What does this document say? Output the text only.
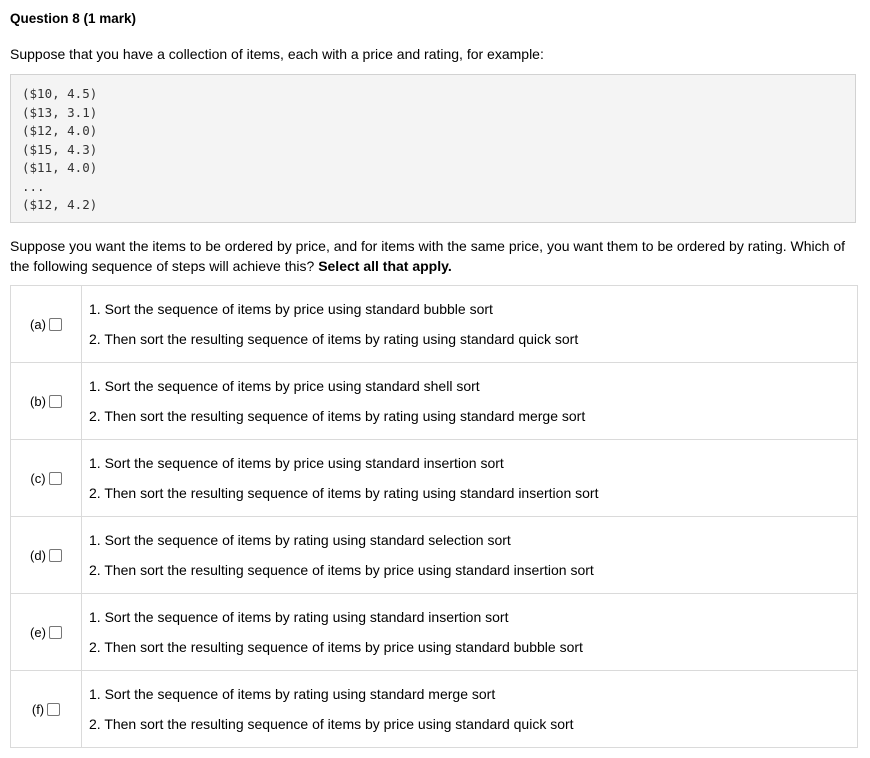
Question 8 (1 mark)
Suppose that you have a collection of items, each with a price and rating, for example:
($10, 4.5)
($13, 3.1)
($12, 4.0)
($15, 4.3)
($11, 4.0)
...
($12, 4.2)
Suppose you want the items to be ordered by price, and for items with the same price, you want them to be ordered by rating. Which of the following sequence of steps will achieve this? Select all that apply.
(a)	1. Sort the sequence of items by price using standard bubble sort
2. Then sort the resulting sequence of items by rating using standard quick sort

(b)	1. Sort the sequence of items by price using standard shell sort
2. Then sort the resulting sequence of items by rating using standard merge sort

(c)	1. Sort the sequence of items by price using standard insertion sort
2. Then sort the resulting sequence of items by rating using standard insertion sort

(d)	1. Sort the sequence of items by rating using standard selection sort
2. Then sort the resulting sequence of items by price using standard insertion sort

(e)	1. Sort the sequence of items by rating using standard insertion sort
2. Then sort the resulting sequence of items by price using standard bubble sort

(f)	1. Sort the sequence of items by rating using standard merge sort
2. Then sort the resulting sequence of items by price using standard quick sort
